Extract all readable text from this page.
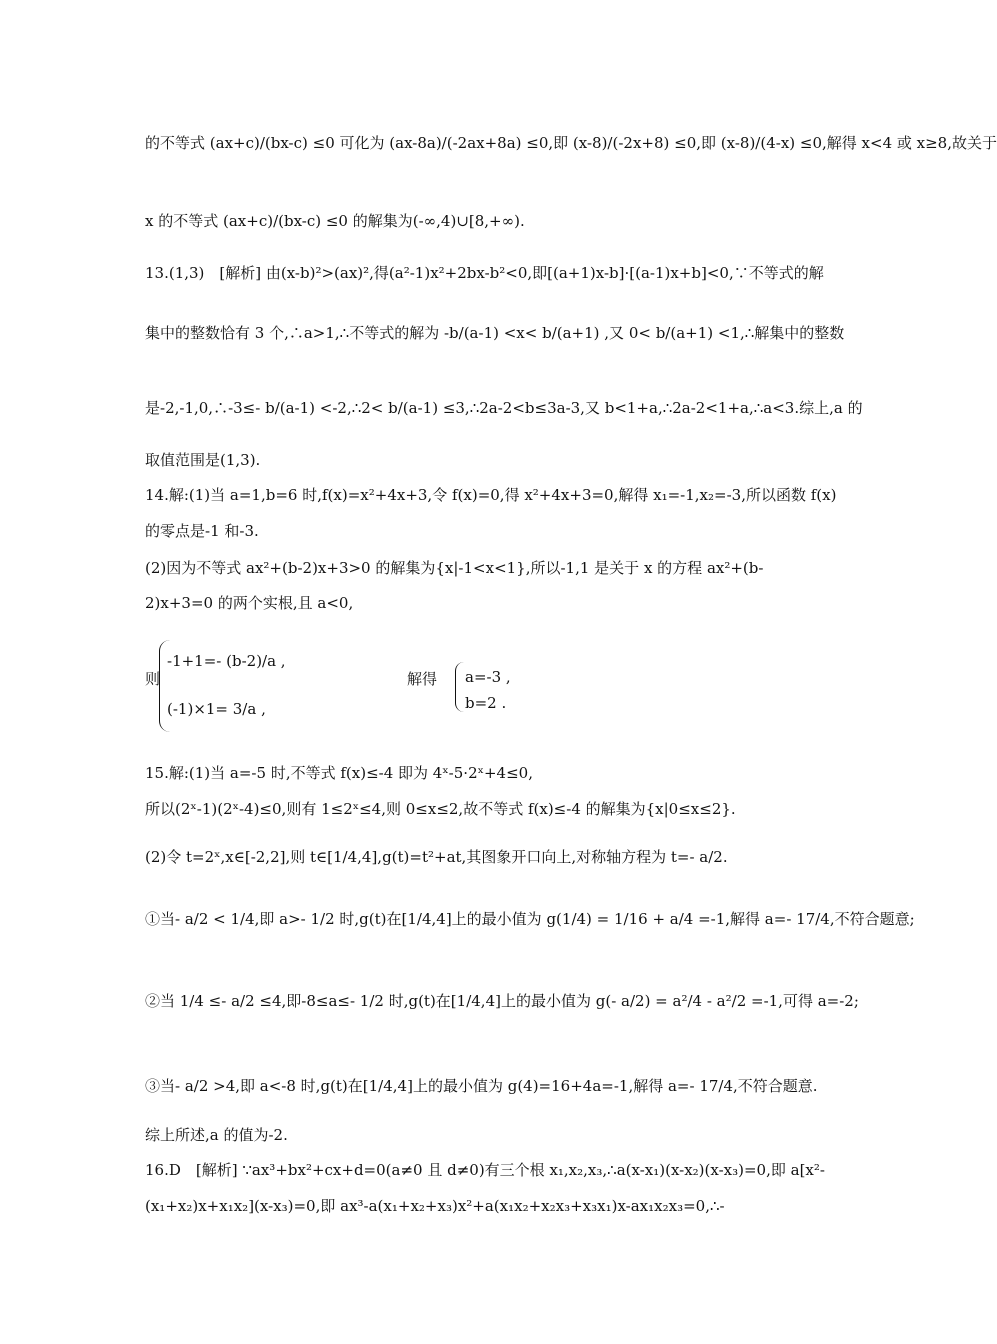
的不等式 (ax+c)/(bx-c) ≤0 可化为 (ax-8a)/(-2ax+8a) ≤0,即 (x-8)/(-2x+8) ≤0,即 (x-8)/(4-x) ≤0,解得 x<4 或 x≥8,故关于
x 的不等式 (ax+c)/(bx-c) ≤0 的解集为(-∞,4)∪[8,+∞).
13.(1,3)　[解析] 由(x-b)²>(ax)²,得(a²-1)x²+2bx-b²<0,即[(a+1)x-b]·[(a-1)x+b]<0,∵不等式的解
集中的整数恰有 3 个,∴a>1,∴不等式的解为 -b/(a-1) <x< b/(a+1) ,又 0< b/(a+1) <1,∴解集中的整数
是-2,-1,0,∴-3≤- b/(a-1) <-2,∴2< b/(a-1) ≤3,∴2a-2<b≤3a-3,又 b<1+a,∴2a-2<1+a,∴a<3.综上,a 的
取值范围是(1,3).
14.解:(1)当 a=1,b=6 时,f(x)=x²+4x+3,令 f(x)=0,得 x²+4x+3=0,解得 x₁=-1,x₂=-3,所以函数 f(x)
的零点是-1 和-3.
(2)因为不等式 ax²+(b-2)x+3>0 的解集为{x|-1<x<1},所以-1,1 是关于 x 的方程 ax²+(b-
2)x+3=0 的两个实根,且 a<0,
15.解:(1)当 a=-5 时,不等式 f(x)≤-4 即为 4ˣ-5·2ˣ+4≤0,
所以(2ˣ-1)(2ˣ-4)≤0,则有 1≤2ˣ≤4,则 0≤x≤2,故不等式 f(x)≤-4 的解集为{x|0≤x≤2}.
(2)令 t=2ˣ,x∈[-2,2],则 t∈[1/4,4],g(t)=t²+at,其图象开口向上,对称轴方程为 t=- a/2.
①当- a/2 < 1/4,即 a>- 1/2 时,g(t)在[1/4,4]上的最小值为 g(1/4) = 1/16 + a/4 =-1,解得 a=- 17/4,不符合题意;
②当 1/4 ≤- a/2 ≤4,即-8≤a≤- 1/2 时,g(t)在[1/4,4]上的最小值为 g(- a/2) = a²/4 - a²/2 =-1,可得 a=-2;
③当- a/2 >4,即 a<-8 时,g(t)在[1/4,4]上的最小值为 g(4)=16+4a=-1,解得 a=- 17/4,不符合题意.
综上所述,a 的值为-2.
16.D　[解析] ∵ax³+bx²+cx+d=0(a≠0 且 d≠0)有三个根 x₁,x₂,x₃,∴a(x-x₁)(x-x₂)(x-x₃)=0,即 a[x²-
(x₁+x₂)x+x₁x₂](x-x₃)=0,即 ax³-a(x₁+x₂+x₃)x²+a(x₁x₂+x₂x₃+x₃x₁)x-ax₁x₂x₃=0,∴-
则
-1+1=- (b-2)/a ,
(-1)×1= 3/a ,
解得 a=-3 ,
b=2 .
